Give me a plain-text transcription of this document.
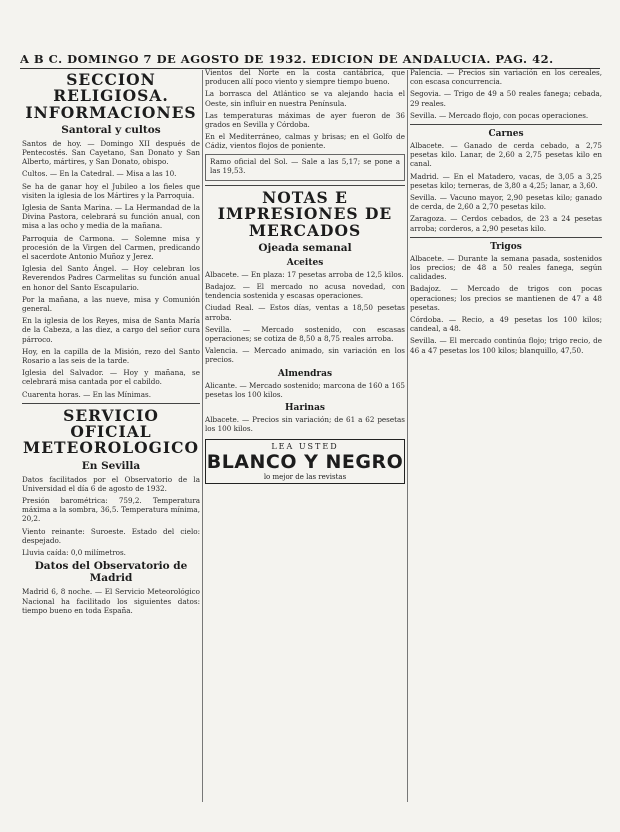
A B C. DOMINGO 7 DE AGOSTO DE 1932. EDICION DE ANDALUCIA. PAG. 42.
SECCION RELIGIOSA. INFORMACIONES
Santoral y cultos

Santos de hoy. — Domingo XII después de Pentecostés. San Cayetano, San Donato y San Alberto, mártires, y San Donato, obispo.

Cultos. — En la Catedral. — Misa a las 10.

Se ha de ganar hoy el Jubileo a los fieles que visiten la iglesia de los Mártires y la Parroquia.

Iglesia de Santa Marina. — La Hermandad de la Divina Pastora, celebrará su función anual, con misa a las ocho y media de la mañana.

Parroquia de Carmona. — Solemne misa y procesión de la Virgen del Carmen, predicando el sacerdote Antonio Muñoz y Jerez.

Iglesia del Santo Ángel. — Hoy celebran los Reverendos Padres Carmelitas su función anual en honor del Santo Escapulario.

Por la mañana, a las nueve, misa y Comunión general.

En la iglesia de los Reyes, misa de Santa María de la Cabeza, a las diez, a cargo del señor cura párroco.

Hoy, en la capilla de la Misión, rezo del Santo Rosario a las seis de la tarde.

Iglesia del Salvador. — Hoy y mañana, se celebrará misa cantada por el cabildo.

Cuarenta horas. — En las Mínimas.

SERVICIO OFICIAL METEOROLOGICO
En Sevilla

Datos facilitados por el Observatorio de la Universidad el día 6 de agosto de 1932.

Presión barométrica: 759,2. Temperatura máxima a la sombra, 36,5. Temperatura mínima, 20,2.

Viento reinante: Suroeste. Estado del cielo: despejado.

Lluvia caída: 0,0 milímetros.

Datos del Observatorio de Madrid

Madrid 6, 8 noche. — El Servicio Meteorológico Nacional ha facilitado los siguientes datos: tiempo bueno en toda España.

Vientos del Norte en la costa cantábrica, que producen allí poco viento y siempre tiempo bueno.

La borrasca del Atlántico se va alejando hacia el Oeste, sin influir en nuestra Península.

Las temperaturas máximas de ayer fueron de 36 grados en Sevilla y Córdoba.

En el Mediterráneo, calmas y brisas; en el Golfo de Cádiz, vientos flojos de poniente.

Ramo oficial del Sol. — Sale a las 5,17; se pone a las 19,53.

NOTAS E IMPRESIONES DE MERCADOS
Ojeada semanal
Aceites

Albacete. — En plaza: 17 pesetas arroba de 12,5 kilos.

Badajoz. — El mercado no acusa novedad, con tendencia sostenida y escasas operaciones.

Ciudad Real. — Estos días, ventas a 18,50 pesetas arroba.

Sevilla. — Mercado sostenido, con escasas operaciones; se cotiza de 8,50 a 8,75 reales arroba.

Valencia. — Mercado animado, sin variación en los precios.

Almendras

Alicante. — Mercado sostenido; marcona de 160 a 165 pesetas los 100 kilos.

Harinas

Albacete. — Precios sin variación; de 61 a 62 pesetas los 100 kilos.

LEA USTED
BLANCO Y NEGRO
lo mejor de las revistas

Palencia. — Precios sin variación en los cereales, con escasa concurrencia.

Segovia. — Trigo de 49 a 50 reales fanega; cebada, 29 reales.

Sevilla. — Mercado flojo, con pocas operaciones.

Carnes

Albacete. — Ganado de cerda cebado, a 2,75 pesetas kilo. Lanar, de 2,60 a 2,75 pesetas kilo en canal.

Madrid. — En el Matadero, vacas, de 3,05 a 3,25 pesetas kilo; terneras, de 3,80 a 4,25; lanar, a 3,60.

Sevilla. — Vacuno mayor, 2,90 pesetas kilo; ganado de cerda, de 2,60 a 2,70 pesetas kilo.

Zaragoza. — Cerdos cebados, de 23 a 24 pesetas arroba; corderos, a 2,90 pesetas kilo.

Trigos

Albacete. — Durante la semana pasada, sostenidos los precios; de 48 a 50 reales fanega, según calidades.

Badajoz. — Mercado de trigos con pocas operaciones; los precios se mantienen de 47 a 48 pesetas.

Córdoba. — Recio, a 49 pesetas los 100 kilos; candeal, a 48.

Sevilla. — El mercado continúa flojo; trigo recio, de 46 a 47 pesetas los 100 kilos; blanquillo, 47,50.
